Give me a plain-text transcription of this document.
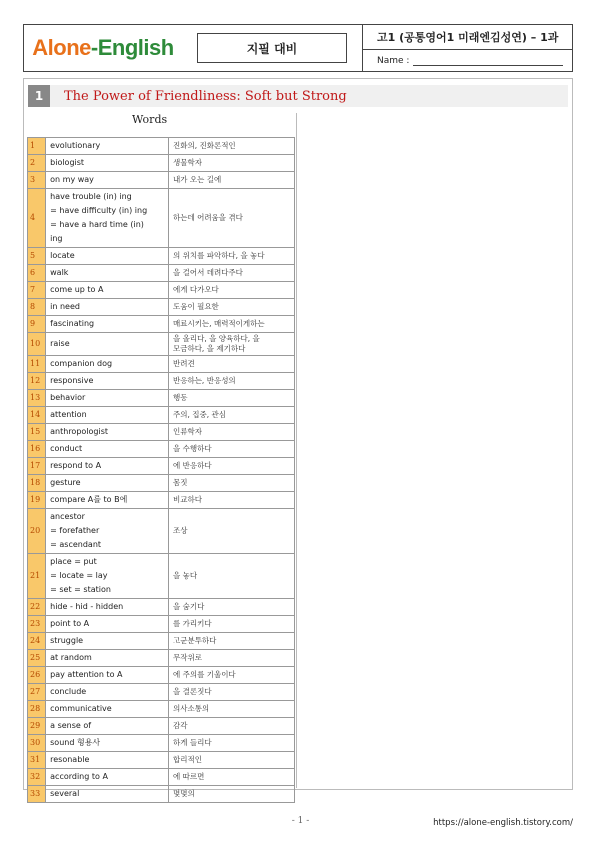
Alone - English	지필 대비
고1 (공통영어1 미래엔김성연) – 1과
Name :
1	The Power of Friendliness: Soft but Strong
Words
1	evolutionary	진화의, 진화론적인

2	biologist	생물학자

3	on my way	내가 오는 길에

4	have trouble (in) ing
= have difficulty (in) ing
= have a hard time (in)
ing	하는데 어려움을 겪다

5	locate	의 위치를 파악하다, 을 놓다

6	walk	을 걸어서 데려다주다

7	come up to A	에게 다가오다

8	in need	도움이 필요한

9	fascinating	매료시키는, 매력적이게하는

10	raise	을 올리다, 을 양육하다, 을
모금하다, 을 제기하다

11	companion dog	반려견

12	responsive	반응하는, 반응성의

13	behavior	행동

14	attention	주의, 집중, 관심

15	anthropologist	인류학자

16	conduct	을 수행하다

17	respond to A	에 반응하다

18	gesture	몸짓

19	compare A를 to B에	비교하다

20	ancestor
= forefather
= ascendant	조상

21	place = put
= locate = lay
= set = station	을 놓다

22	hide - hid - hidden	을 숨기다

23	point to A	를 가리키다

24	struggle	고군분투하다

25	at random	무작위로

26	pay attention to A	에 주의를 기울이다

27	conclude	을 결론짓다

28	communicative	의사소통의

29	a sense of	감각

30	sound 형용사	하게 들리다

31	resonable	합리적인

32	according to A	에 따르면

33	several	몇몇의
- 1 -	https://alone-english.tistory.com/
